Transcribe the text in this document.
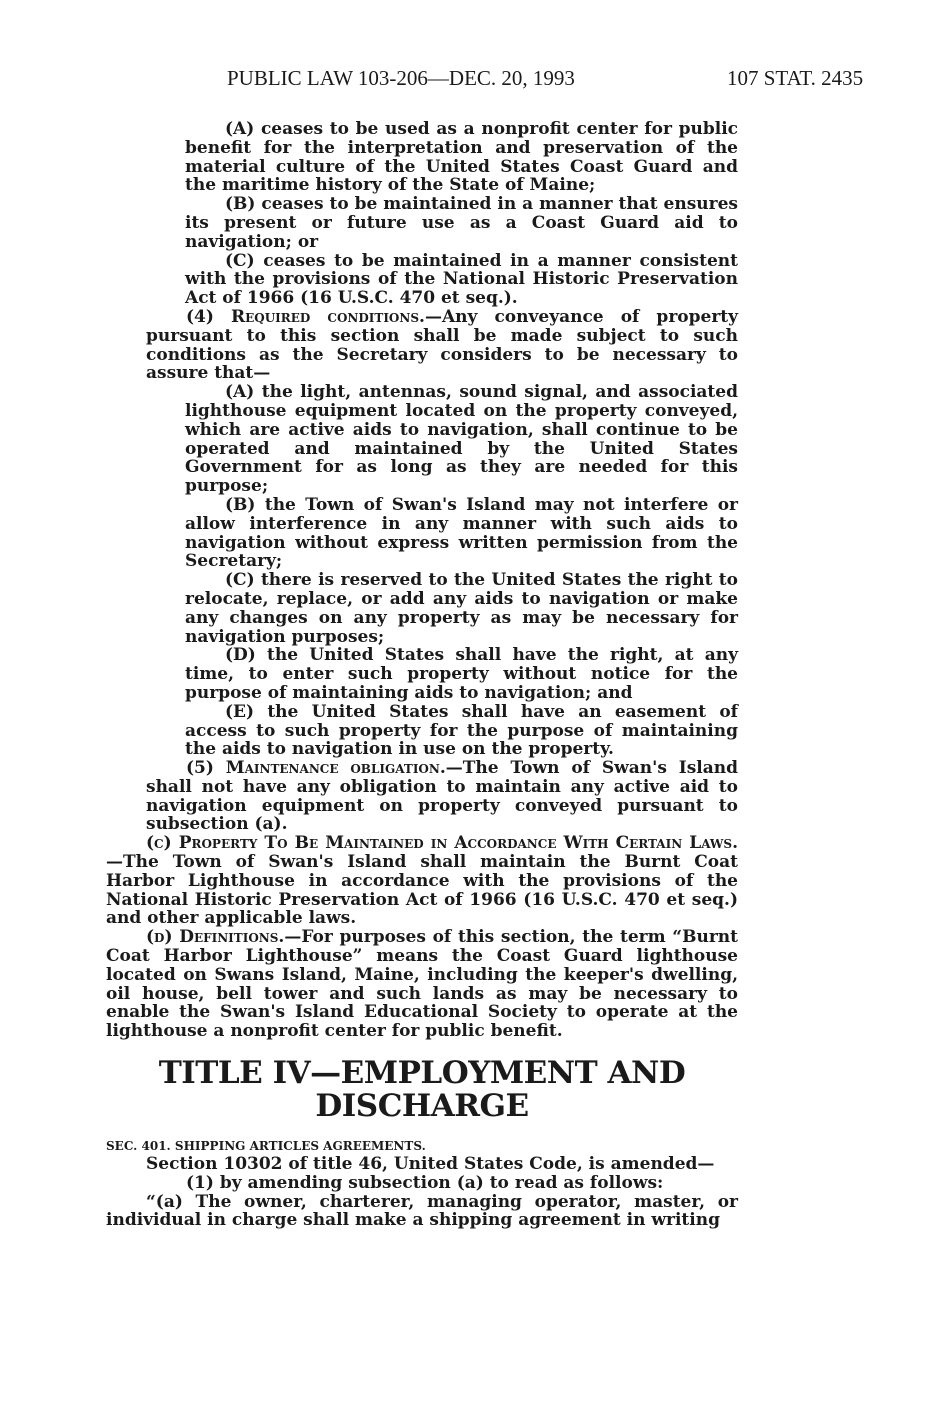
PUBLIC LAW 103-206—DEC. 20, 1993	107 STAT. 2435

(A) ceases to be used as a nonprofit center for public benefit for the interpretation and preservation of the material culture of the United States Coast Guard and the maritime history of the State of Maine;

(B) ceases to be maintained in a manner that ensures its present or future use as a Coast Guard aid to navigation; or

(C) ceases to be maintained in a manner consistent with the provisions of the National Historic Preservation Act of 1966 (16 U.S.C. 470 et seq.).

(4) Required conditions.—Any conveyance of property pursuant to this section shall be made subject to such conditions as the Secretary considers to be necessary to assure that—

(A) the light, antennas, sound signal, and associated lighthouse equipment located on the property conveyed, which are active aids to navigation, shall continue to be operated and maintained by the United States Government for as long as they are needed for this purpose;

(B) the Town of Swan's Island may not interfere or allow interference in any manner with such aids to navigation without express written permission from the Secretary;

(C) there is reserved to the United States the right to relocate, replace, or add any aids to navigation or make any changes on any property as may be necessary for navigation purposes;

(D) the United States shall have the right, at any time, to enter such property without notice for the purpose of maintaining aids to navigation; and

(E) the United States shall have an easement of access to such property for the purpose of maintaining the aids to navigation in use on the property.

(5) Maintenance obligation.—The Town of Swan's Island shall not have any obligation to maintain any active aid to navigation equipment on property conveyed pursuant to subsection (a).

(c) Property To Be Maintained in Accordance With Certain Laws.—The Town of Swan's Island shall maintain the Burnt Coat Harbor Lighthouse in accordance with the provisions of the National Historic Preservation Act of 1966 (16 U.S.C. 470 et seq.) and other applicable laws.

(d) Definitions.—For purposes of this section, the term “Burnt Coat Harbor Lighthouse” means the Coast Guard lighthouse located on Swans Island, Maine, including the keeper's dwelling, oil house, bell tower and such lands as may be necessary to enable the Swan's Island Educational Society to operate at the lighthouse a nonprofit center for public benefit.

TITLE IV—EMPLOYMENT AND
DISCHARGE

SEC. 401. SHIPPING ARTICLES AGREEMENTS.

Section 10302 of title 46, United States Code, is amended—

(1) by amending subsection (a) to read as follows:

“(a) The owner, charterer, managing operator, master, or individual in charge shall make a shipping agreement in writing
